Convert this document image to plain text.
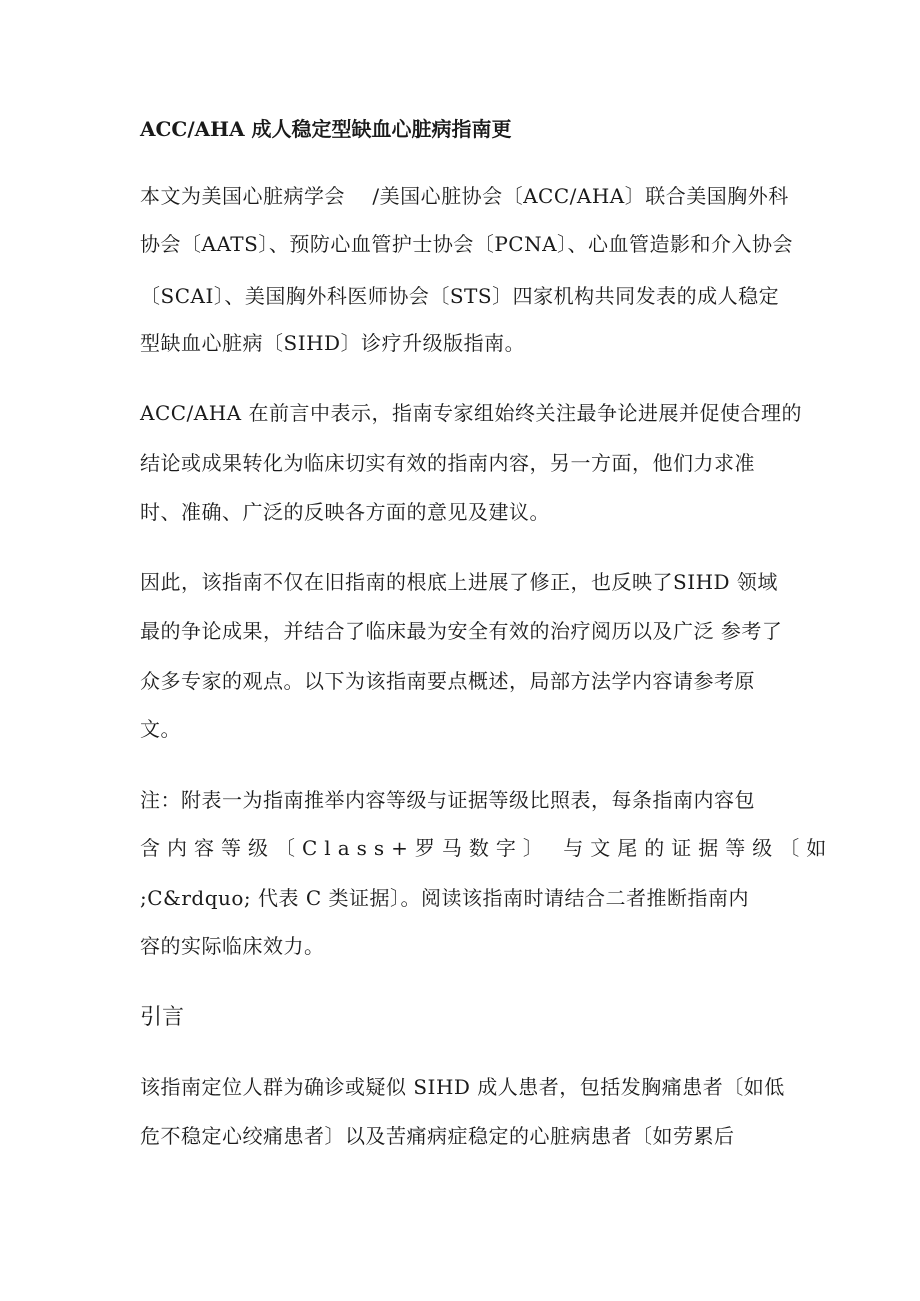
ACC/AHA 成人稳定型缺血心脏病指南更
本文为美国心脏病学会　 /美国心脏协会〔ACC/AHA〕联合美国胸外科
协会〔AATS〕、预防心血管护士协会〔PCNA〕、心血管造影和介入协会
〔SCAI〕、美国胸外科医师协会〔STS〕四家机构共同发表的成人稳定
型缺血心脏病〔SIHD〕诊疗升级版指南。
ACC/AHA 在前言中表示，指南专家组始终关注最争论进展并促使合理的
结论或成果转化为临床切实有效的指南内容，另一方面，他们力求准
时、准确、广泛的反映各方面的意见及建议。
因此，该指南不仅在旧指南的根底上进展了修正，也反映了SIHD 领域
最的争论成果，并结合了临床最为安全有效的治疗阅历以及广泛 参考了
众多专家的观点。以下为该指南要点概述，局部方法学内容请参考原
文。
注：附表一为指南推举内容等级与证据等级比照表，每条指南内容包
含内容等级〔Class+罗马数字〕 与文尾的证据等级〔如
;C&rdquo; 代表 C 类证据〕。阅读该指南时请结合二者推断指南内
容的实际临床效力。
引言
该指南定位人群为确诊或疑似 SIHD 成人患者，包括发胸痛患者〔如低
危不稳定心绞痛患者〕以及苦痛病症稳定的心脏病患者〔如劳累后
